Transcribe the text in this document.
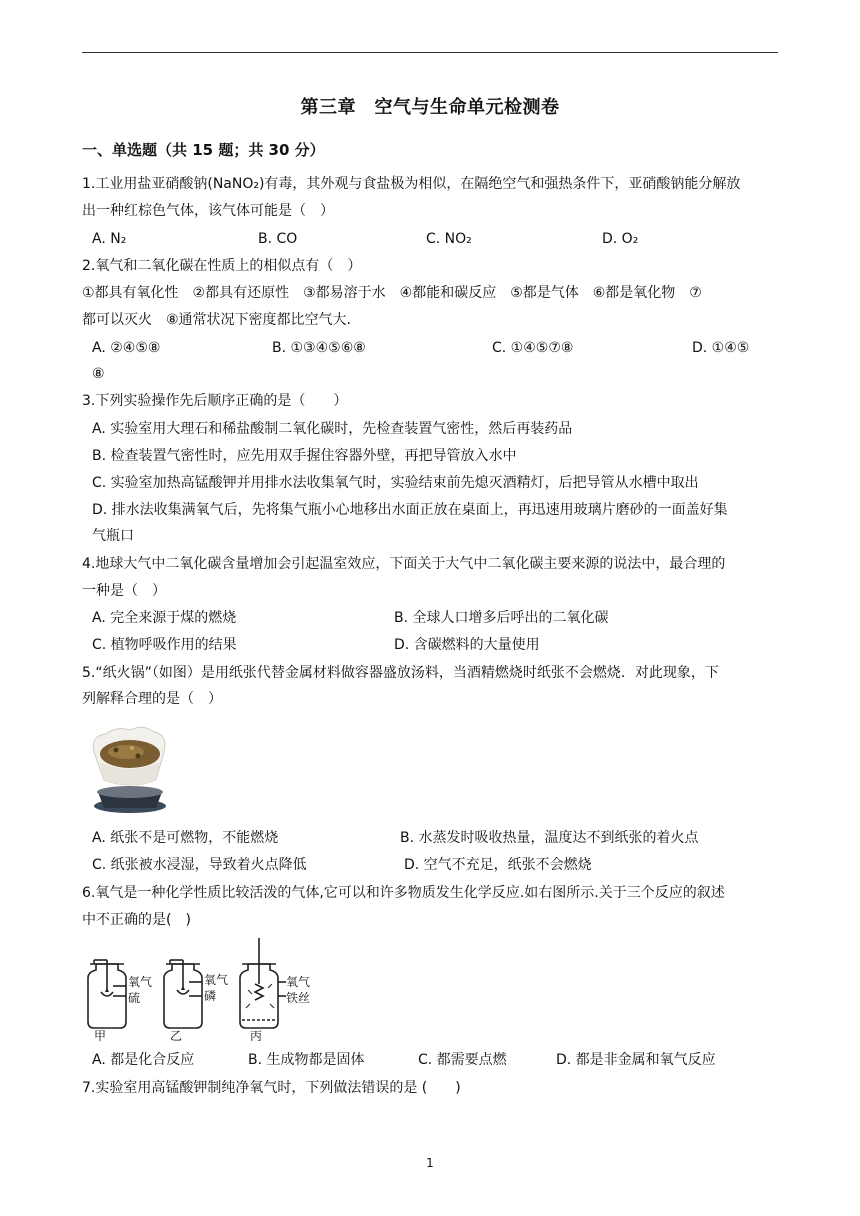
第三章　空气与生命单元检测卷
一、单选题（共 15 题；共 30 分）
1.工业用盐亚硝酸钠(NaNO₂)有毒，其外观与食盐极为相似，在隔绝空气和强热条件下，亚硝酸钠能分解放
出一种红棕色气体，该气体可能是（　）
A. N₂	B. CO	C. NO₂	D. O₂
2.氧气和二氧化碳在性质上的相似点有（　）
①都具有氧化性　②都具有还原性　③都易溶于水　④都能和碳反应　⑤都是气体　⑥都是氧化物　⑦
都可以灭火　⑧通常状况下密度都比空气大.
A. ②④⑤⑧	B. ①③④⑤⑥⑧	C. ①④⑤⑦⑧	D. ①④⑤
⑧
3.下列实验操作先后顺序正确的是（　　）
A. 实验室用大理石和稀盐酸制二氧化碳时，先检查装置气密性，然后再装药品
B. 检查装置气密性时，应先用双手握住容器外壁，再把导管放入水中
C. 实验室加热高锰酸钾并用排水法收集氧气时，实验结束前先熄灭酒精灯，后把导管从水槽中取出
D. 排水法收集满氧气后，先将集气瓶小心地移出水面正放在桌面上，再迅速用玻璃片磨砂的一面盖好集
气瓶口
4.地球大气中二氧化碳含量增加会引起温室效应，下面关于大气中二氧化碳主要来源的说法中，最合理的
一种是（　）
A. 完全来源于煤的燃烧	B. 全球人口增多后呼出的二氧化碳
C. 植物呼吸作用的结果	D. 含碳燃料的大量使用
5.“纸火锅”（如图）是用纸张代替金属材料做容器盛放汤料，当酒精燃烧时纸张不会燃烧．对此现象，下
列解释合理的是（　）
A. 纸张不是可燃物，不能燃烧	B. 水蒸发时吸收热量，温度达不到纸张的着火点
C. 纸张被水浸湿，导致着火点降低	D. 空气不充足，纸张不会燃烧
6.氧气是一种化学性质比较活泼的气体,它可以和许多物质发生化学反应.如右图所示.关于三个反应的叙述
中不正确的是(　)
氧气
硫
甲
氧气
磷
乙
氧气
铁丝
丙
A. 都是化合反应	B. 生成物都是固体	C. 都需要点燃	D. 都是非金属和氧气反应
7.实验室用高锰酸钾制纯净氧气时，下列做法错误的是 (　　)
1
